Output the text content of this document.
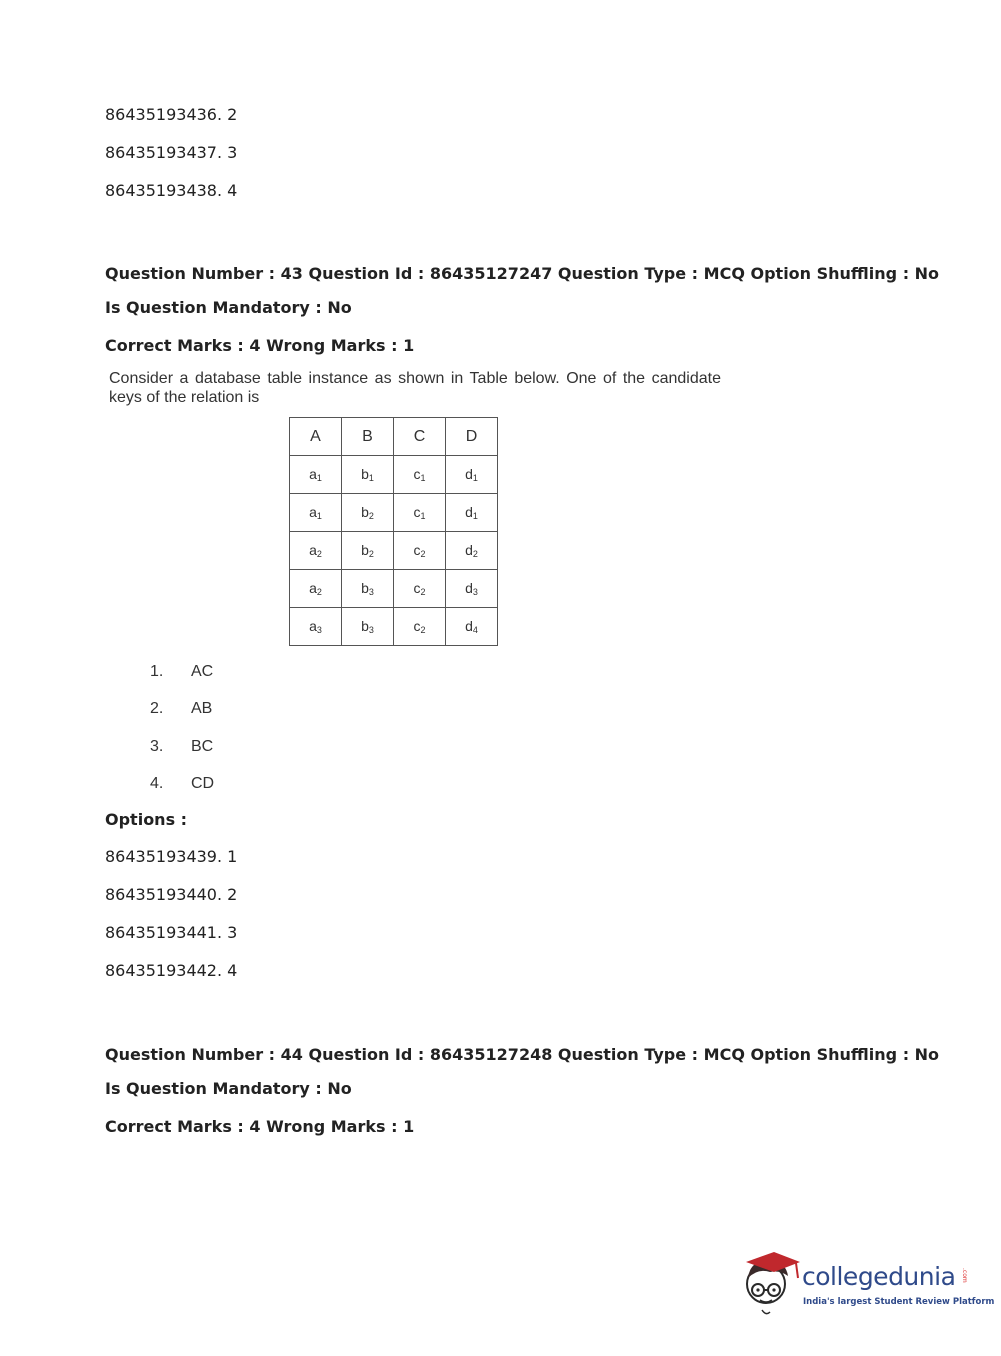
86435193436. 2
86435193437. 3
86435193438. 4
Question Number : 43 Question Id : 86435127247 Question Type : MCQ Option Shuffling : No
Is Question Mandatory : No
Correct Marks : 4 Wrong Marks : 1
Consider a database table instance as shown in Table below. One of the candidate keys of the relation is
A	B	C	D
$a_1$	$b_1$	$c_1$	$d_1$
$a_1$	$b_2$	$c_1$	$d_1$
$a_2$	$b_2$	$c_2$	$d_2$
$a_2$	$b_3$	$c_2$	$d_3$
$a_3$	$b_3$	$c_2$	$d_4$
1. AC
2. AB
3. BC
4. CD
Options :
86435193439. 1
86435193440. 2
86435193441. 3
86435193442. 4
Question Number : 44 Question Id : 86435127248 Question Type : MCQ Option Shuffling : No
Is Question Mandatory : No
Correct Marks : 4 Wrong Marks : 1
collegedunia .com
India's largest Student Review Platform
